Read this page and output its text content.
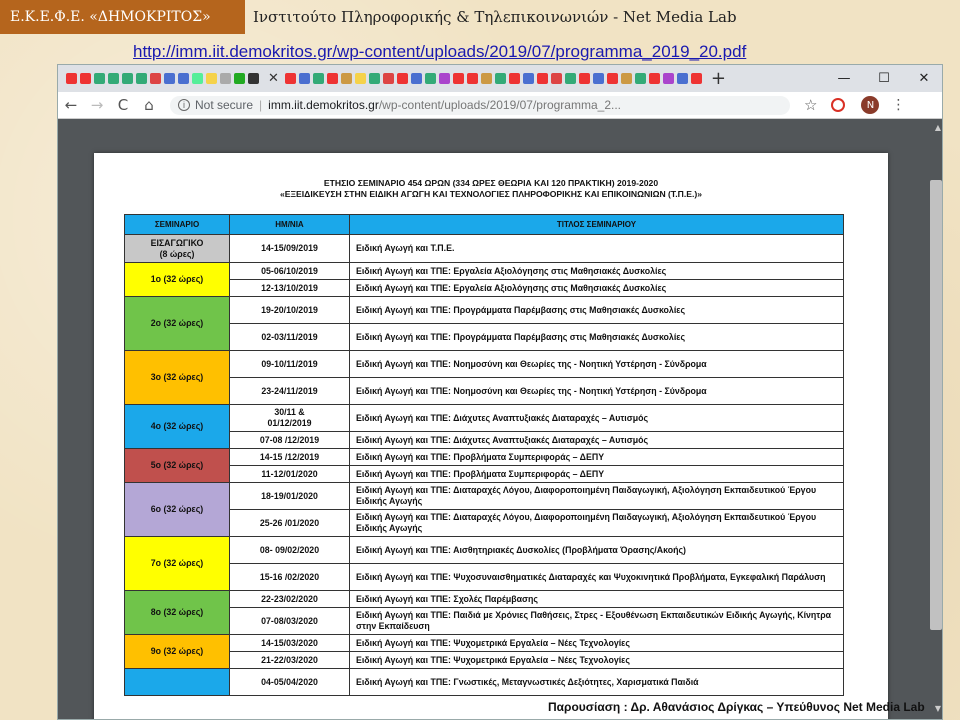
Ε.Κ.Ε.Φ.Ε. «ΔΗΜΟΚΡΙΤΟΣ»	Ινστιτούτο Πληροφορικής & Τηλεπικοινωνιών - Net Media Lab
http://imm.iit.demokritos.gr/wp-content/uploads/2019/07/programma_2019_20.pdf
✕	+	—	☐	✕
← → C	⌂	i Not secure | imm.iit.demokritos.gr /wp-content/uploads/2019/07/programma_2...	☆	N	⋮
▲
▼
ΕΤΗΣΙΟ ΣΕΜΙΝΑΡΙΟ 454 ΩΡΩΝ (334 ΩΡΕΣ ΘΕΩΡΙΑ ΚΑΙ 120 ΠΡΑΚΤΙΚΗ) 2019-2020
«ΕΞΕΙΔΙΚΕΥΣΗ ΣΤΗΝ ΕΙΔΙΚΗ ΑΓΩΓΗ ΚΑΙ ΤΕΧΝΟΛΟΓΙΕΣ ΠΛΗΡΟΦΟΡΙΚΗΣ ΚΑΙ ΕΠΙΚΟΙΝΩΝΙΩΝ (Τ.Π.Ε.)»
ΣΕΜΙΝΑΡΙΟ	ΗΜ/ΝΙΑ	ΤΙΤΛΟΣ ΣΕΜΙΝΑΡΙΟΥ
ΕΙΣΑΓΩΓΙΚΟ
(8 ώρες)	14-15/09/2019	Ειδική Αγωγή και Τ.Π.Ε.
1ο (32 ώρες)	05-06/10/2019	Ειδική Αγωγή και ΤΠΕ: Εργαλεία Αξιολόγησης στις Μαθησιακές Δυσκολίες
	12-13/10/2019	Ειδική Αγωγή και ΤΠΕ: Εργαλεία Αξιολόγησης στις Μαθησιακές Δυσκολίες
2ο (32 ώρες)	19-20/10/2019	Ειδική Αγωγή και ΤΠΕ: Προγράμματα Παρέμβασης στις Μαθησιακές Δυσκολίες
	02-03/11/2019	Ειδική Αγωγή και ΤΠΕ: Προγράμματα Παρέμβασης στις Μαθησιακές Δυσκολίες
3ο (32 ώρες)	09-10/11/2019	Ειδική Αγωγή και ΤΠΕ: Νοημοσύνη και Θεωρίες της - Νοητική Υστέρηση - Σύνδρομα
	23-24/11/2019	Ειδική Αγωγή και ΤΠΕ: Νοημοσύνη και Θεωρίες της - Νοητική Υστέρηση - Σύνδρομα
4ο (32 ώρες)	30/11 &
01/12/2019	Ειδική Αγωγή και ΤΠΕ: Διάχυτες Αναπτυξιακές Διαταραχές – Αυτισμός
	07-08 /12/2019	Ειδική Αγωγή και ΤΠΕ: Διάχυτες Αναπτυξιακές Διαταραχές – Αυτισμός
5ο (32 ώρες)	14-15 /12/2019	Ειδική Αγωγή και ΤΠΕ: Προβλήματα Συμπεριφοράς – ΔΕΠΥ
	11-12/01/2020	Ειδική Αγωγή και ΤΠΕ: Προβλήματα Συμπεριφοράς – ΔΕΠΥ
6ο (32 ώρες)	18-19/01/2020	Ειδική Αγωγή και ΤΠΕ: Διαταραχές Λόγου, Διαφοροποιημένη Παιδαγωγική, Αξιολόγηση Εκπαιδευτικού Έργου Ειδικής Αγωγής
	25-26 /01/2020	Ειδική Αγωγή και ΤΠΕ: Διαταραχές Λόγου, Διαφοροποιημένη Παιδαγωγική, Αξιολόγηση Εκπαιδευτικού Έργου Ειδικής Αγωγής
7ο (32 ώρες)	08- 09/02/2020	Ειδική Αγωγή και ΤΠΕ: Αισθητηριακές Δυσκολίες (Προβλήματα Όρασης/Ακοής)
	15-16 /02/2020	Ειδική Αγωγή και ΤΠΕ: Ψυχοσυναισθηματικές Διαταραχές και Ψυχοκινητικά Προβλήματα, Εγκεφαλική Παράλυση
8ο (32 ώρες)	22-23/02/2020	Ειδική Αγωγή και ΤΠΕ: Σχολές Παρέμβασης
	07-08/03/2020	Ειδική Αγωγή και ΤΠΕ: Παιδιά με Χρόνιες Παθήσεις, Στρες - Εξουθένωση Εκπαιδευτικών Ειδικής Αγωγής, Κίνητρα στην Εκπαίδευση
9ο (32 ώρες)	14-15/03/2020	Ειδική Αγωγή και ΤΠΕ: Ψυχομετρικά Εργαλεία – Νέες Τεχνολογίες
	21-22/03/2020	Ειδική Αγωγή και ΤΠΕ: Ψυχομετρικά Εργαλεία – Νέες Τεχνολογίες
	04-05/04/2020	Ειδική Αγωγή και ΤΠΕ: Γνωστικές, Μεταγνωστικές Δεξιότητες, Χαρισματικά Παιδιά
Παρουσίαση : Δρ. Αθανάσιος Δρίγκας – Υπεύθυνος Net Media Lab
